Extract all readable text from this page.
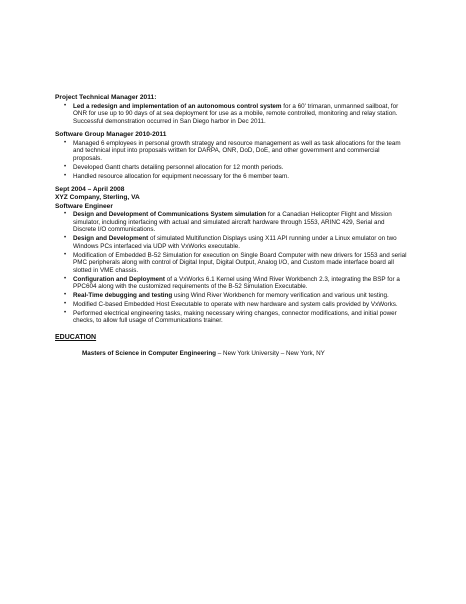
Project Technical Manager 2011:

• Led a redesign and implementation of an autonomous control system for a 60' trimaran, unmanned sailboat, for ONR for use up to 90 days of at sea deployment for use as a mobile, remote controlled, monitoring and relay station. Successful demonstration occurred in San Diego harbor in Dec 2011.

Software Group Manager 2010-2011

• Managed 6 employees in personal growth strategy and resource management as well as task allocations for the team and technical input into proposals written for DARPA, ONR, DoD, DoE, and other government and commercial proposals.
• Developed Gantt charts detailing personnel allocation for 12 month periods.
• Handled resource allocation for equipment necessary for the 6 member team.

Sept 2004 – April 2008

XYZ Company, Sterling, VA

Software Engineer

• Design and Development of Communications System simulation for a Canadian Helicopter Flight and Mission simulator, including interfacing with actual and simulated aircraft hardware through 1553, ARINC 429, Serial and Discrete I/O communications.
• Design and Development of simulated Multifunction Displays using X11 API running under a Linux emulator on two Windows PCs interfaced via UDP with VxWorks executable.
• Modification of Embedded B-52 Simulation for execution on Single Board Computer with new drivers for 1553 and serial PMC peripherals along with control of Digital Input, Digital Output, Analog I/O, and Custom made interface board all slotted in VME chassis.
• Configuration and Deployment of a VxWorks 6.1 Kernel using Wind River Workbench 2.3, integrating the BSP for a PPC604 along with the customized requirements of the B-52 Simulation Executable.
• Real-Time debugging and testing using Wind River Workbench for memory verification and various unit testing.
• Modified C-based Embedded Host Executable to operate with new hardware and system calls provided by VxWorks.
• Performed electrical engineering tasks, making necessary wiring changes, connector modifications, and initial power checks, to allow full usage of Communications trainer.

EDUCATION

Masters of Science in Computer Engineering – New York University – New York, NY
